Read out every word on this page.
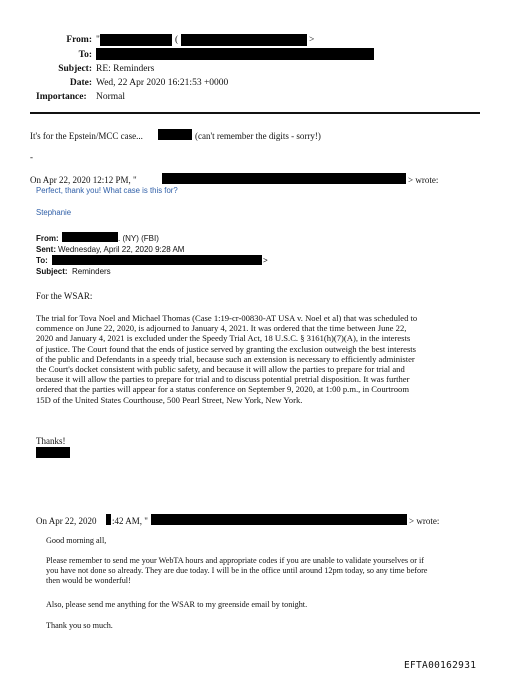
From: "	(	>
To:
Subject: RE: Reminders
Date: Wed, 22 Apr 2020 16:21:53 +0000
Importance: Normal
It's for the Epstein/MCC case...	(can't remember the digits - sorry!)
-
On Apr 22, 2020 12:12 PM, "	> wrote:
Perfect, thank you! What case is this for?
Stephanie
From:	. (NY) (FBI)
Sent: Wednesday, April 22, 2020 9:28 AM
To:	>
Subject: Reminders
For the WSAR:
The trial for Tova Noel and Michael Thomas (Case 1:19-cr-00830-AT USA v. Noel et al) that was scheduled to
commence on June 22, 2020, is adjourned to January 4, 2021. It was ordered that the time between June 22,
2020 and January 4, 2021 is excluded under the Speedy Trial Act, 18 U.S.C. § 3161(h)(7)(A), in the interests
of justice. The Court found that the ends of justice served by granting the exclusion outweigh the best interests
of the public and Defendants in a speedy trial, because such an extension is necessary to efficiently administer
the Court's docket consistent with public safety, and because it will allow the parties to prepare for trial and
because it will allow the parties to prepare for trial and to discuss potential pretrial disposition. It was further
ordered that the parties will appear for a status conference on September 9, 2020, at 1:00 p.m., in Courtroom
15D of the United States Courthouse, 500 Pearl Street, New York, New York.
Thanks!
On Apr 22, 2020 :42 AM, "	> wrote:
Good morning all,
Please remember to send me your WebTA hours and appropriate codes if you are unable to validate yourselves or if
you have not done so already. They are due today. I will be in the office until around 12pm today, so any time before
then would be wonderful!
Also, please send me anything for the WSAR to my greenside email by tonight.
Thank you so much.
EFTA00162931
